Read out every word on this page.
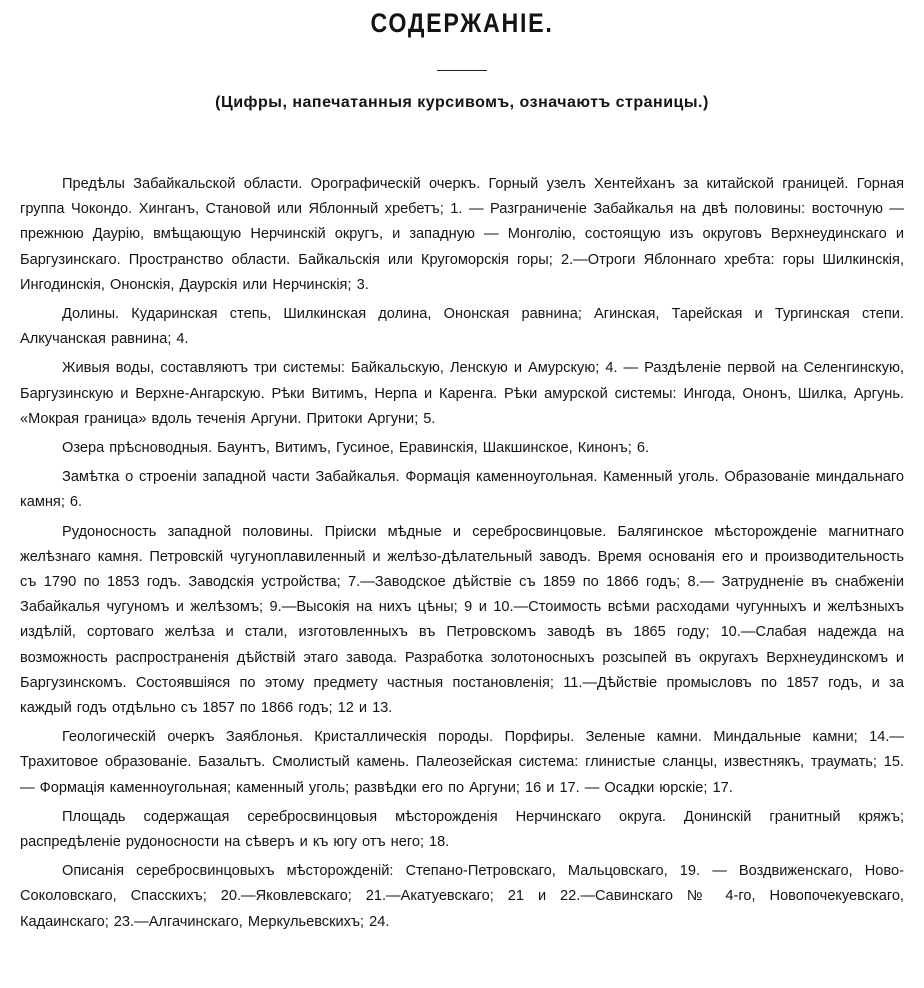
СОДЕРЖАНІЕ.
(Цифры, напечатанныя курсивомъ, означаютъ страницы.)

Предѣлы Забайкальской области. Орографическій очеркъ. Горный узелъ Хентейханъ за китайской границей. Горная группа Чокондо. Хинганъ, Становой или Яблонный хребетъ; 1. — Разграниченіе Забайкалья на двѣ половины: восточную — прежнюю Даурію, вмѣщающую Нерчинскій округъ, и западную — Монголію, состоящую изъ округовъ Верхнеудинскаго и Баргузинскаго. Пространство области. Байкальскія или Кругоморскія горы; 2.—Отроги Яблоннаго хребта: горы Шилкинскія, Ингодинскія, Ононскія, Даурскія или Нерчинскія; 3.

Долины. Кударинская степь, Шилкинская долина, Ононская равнина; Агинская, Тарейская и Тургинская степи. Алкучанская равнина; 4.

Живыя воды, составляютъ три системы: Байкальскую, Ленскую и Амурскую; 4. — Раздѣленіе первой на Селенгинскую, Баргузинскую и Верхне-Ангарскую. Рѣки Витимъ, Нерпа и Каренга. Рѣки амурской системы: Ингода, Ононъ, Шилка, Аргунь. «Мокрая граница» вдоль теченія Аргуни. Притоки Аргуни; 5.

Озера прѣсноводныя. Баунтъ, Витимъ, Гусиное, Еравинскія, Шакшинское, Кинонъ; 6.

Замѣтка о строеніи западной части Забайкалья. Формація каменноугольная. Каменный уголь. Образованіе миндальнаго камня; 6.

Рудоносность западной половины. Пріиски мѣдные и серебросвинцовые. Балягинское мѣсторожденіе магнитнаго желѣзнаго камня. Петровскій чугуноплавиленный и желѣзо-дѣлательный заводъ. Время основанія его и производительность съ 1790 по 1853 годъ. Заводскія устройства; 7.—Заводское дѣйствіе съ 1859 по 1866 годъ; 8.— Затрудненіе въ снабженіи Забайкалья чугуномъ и желѣзомъ; 9.—Высокія на нихъ цѣны; 9 и 10.—Стоимость всѣми расходами чугунныхъ и желѣзныхъ издѣлій, сортоваго желѣза и стали, изготовленныхъ въ Петровскомъ заводѣ въ 1865 году; 10.—Слабая надежда на возможность распространенія дѣйствій этаго завода. Разработка золотоносныхъ розсыпей въ округахъ Верхнеудинскомъ и Баргузинскомъ. Состоявшіяся по этому предмету частныя постановленія; 11.—Дѣйствіе промысловъ по 1857 годъ, и за каждый годъ отдѣльно съ 1857 по 1866 годъ; 12 и 13.

Геологическій очеркъ Заяблонья. Кристаллическія породы. Порфиры. Зеленые камни. Миндальные камни; 14.— Трахитовое образованіе. Базальтъ. Смолистый камень. Палеозейская система: глинистые сланцы, известнякъ, траумать; 15. — Формація каменноугольная; каменный уголь; развѣдки его по Аргуни; 16 и 17. — Осадки юрскіе; 17.

Площадь содержащая серебросвинцовыя мѣсторожденія Нерчинскаго округа. Донинскій гранитный кряжъ; распредѣленіе рудоносности на сѣверъ и къ югу отъ него; 18.

Описанія серебросвинцовыхъ мѣсторожденій: Степано-Петровскаго, Мальцовскаго, 19. — Воздвиженскаго, Ново-Соколовскаго, Спасскихъ; 20.—Яковлевскаго; 21.—Акатуевскаго; 21 и 22.—Савинскаго № 4-го, Новопочекуевскаго, Кадаинскаго; 23.—Алгачинскаго, Меркульевскихъ; 24.
